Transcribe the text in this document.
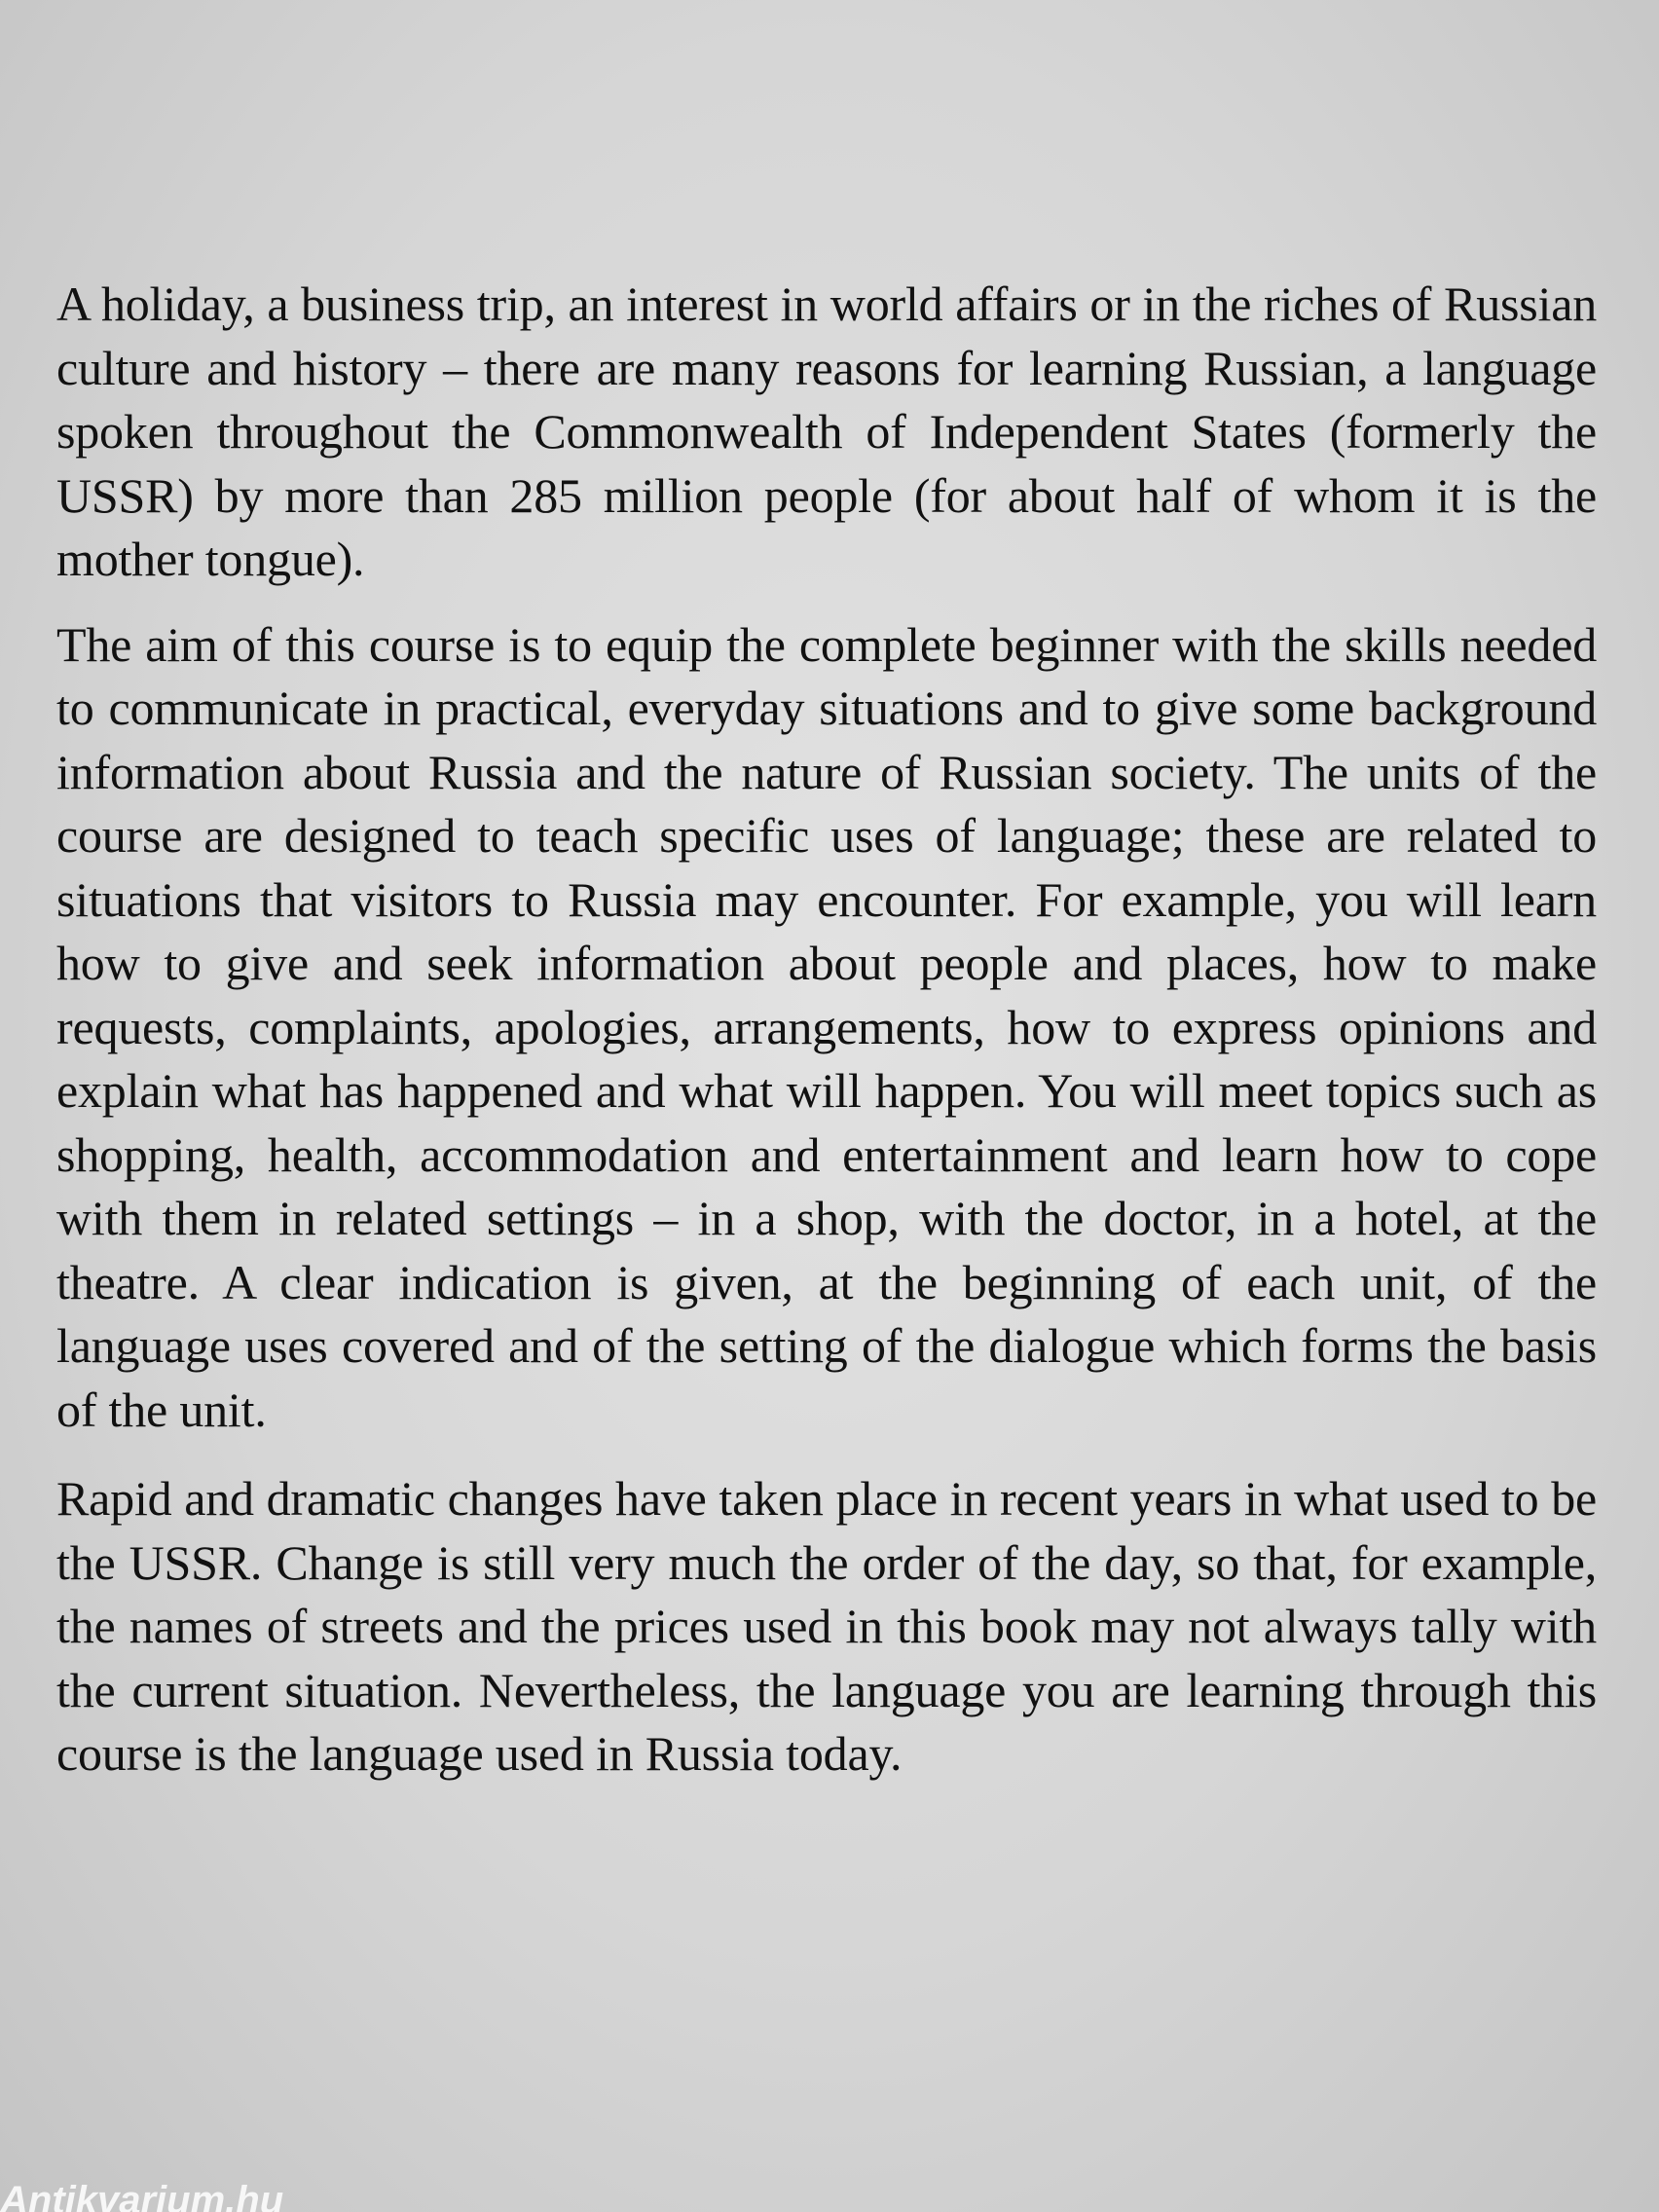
A holiday, a business trip, an interest in world affairs or in the riches of Russian culture and history – there are many reasons for learning Russian, a language spoken throughout the Commonwealth of Independent States (formerly the USSR) by more than 285 million people (for about half of whom it is the mother tongue).

The aim of this course is to equip the complete beginner with the skills needed to communicate in practical, everyday situations and to give some background information about Russia and the nature of Russian society. The units of the course are designed to teach specific uses of language; these are related to situations that visitors to Russia may encounter. For example, you will learn how to give and seek information about people and places, how to make requests, complaints, apologies, arrangements, how to express opinions and explain what has happened and what will happen. You will meet topics such as shopping, health, accommodation and entertainment and learn how to cope with them in related settings – in a shop, with the doctor, in a hotel, at the theatre. A clear indication is given, at the beginning of each unit, of the language uses covered and of the setting of the dialogue which forms the basis of the unit.

Rapid and dramatic changes have taken place in recent years in what used to be the USSR. Change is still very much the order of the day, so that, for example, the names of streets and the prices used in this book may not always tally with the current situation. Nevertheless, the language you are learning through this course is the language used in Russia today.

Antikvarium.hu
